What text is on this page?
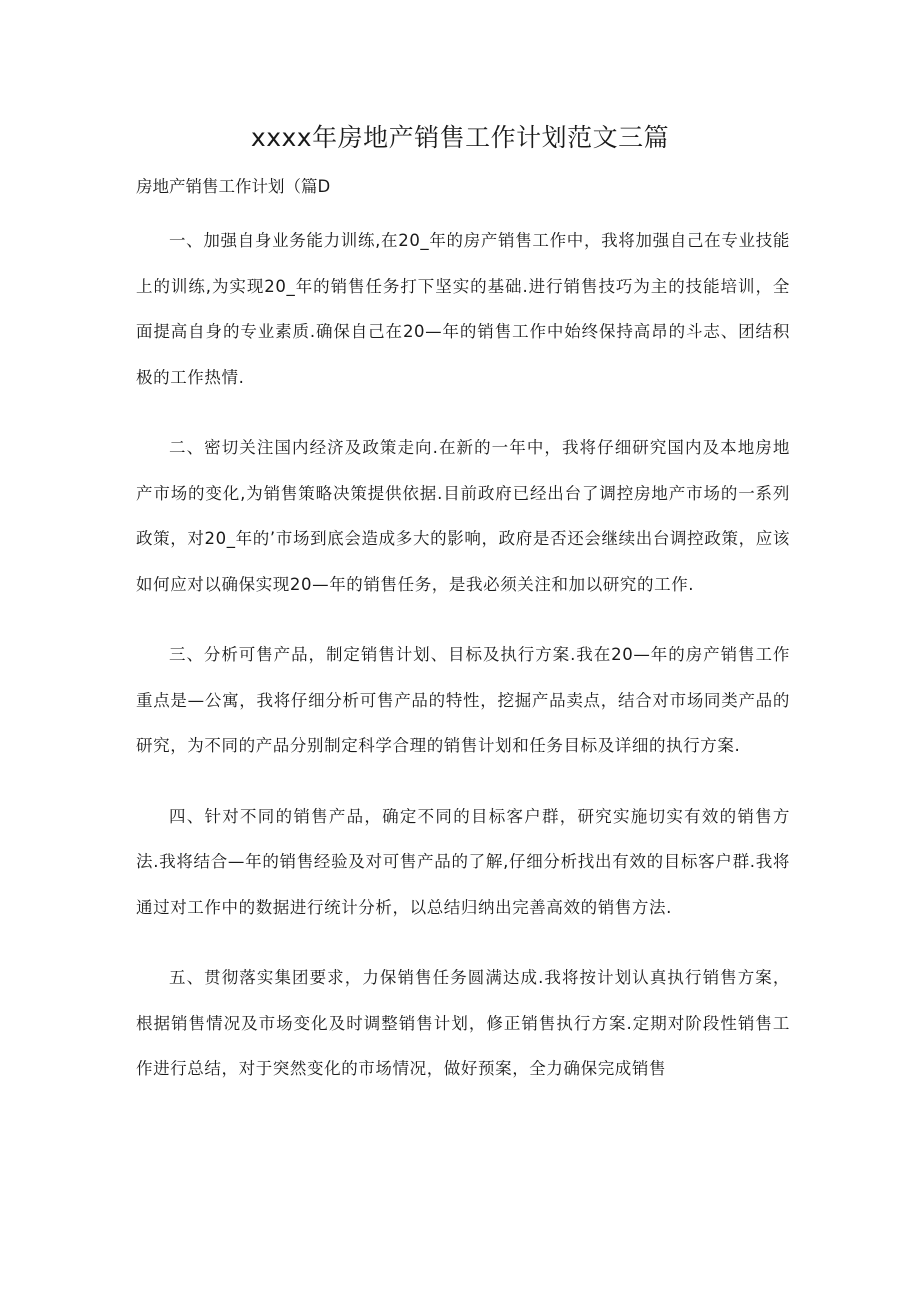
xxxx年房地产销售工作计划范文三篇

房地产销售工作计划（篇D

一、加强自身业务能力训练,在20_年的房产销售工作中，我将加强自己在专业技能上的训练,为实现20_年的销售任务打下坚实的基础.进行销售技巧为主的技能培训，全面提高自身的专业素质.确保自己在20—年的销售工作中始终保持高昂的斗志、团结积极的工作热情.

二、密切关注国内经济及政策走向.在新的一年中，我将仔细研究国内及本地房地产市场的变化,为销售策略决策提供依据.目前政府已经出台了调控房地产市场的一系列政策，对20_年的’市场到底会造成多大的影响，政府是否还会继续出台调控政策，应该如何应对以确保实现20—年的销售任务，是我必须关注和加以研究的工作.

三、分析可售产品，制定销售计划、目标及执行方案.我在20—年的房产销售工作重点是—公寓，我将仔细分析可售产品的特性，挖掘产品卖点，结合对市场同类产品的研究，为不同的产品分别制定科学合理的销售计划和任务目标及详细的执行方案.

四、针对不同的销售产品，确定不同的目标客户群，研究实施切实有效的销售方法.我将结合—年的销售经验及对可售产品的了解,仔细分析找出有效的目标客户群.我将通过对工作中的数据进行统计分析，以总结归纳出完善高效的销售方法.

五、贯彻落实集团要求，力保销售任务圆满达成.我将按计划认真执行销售方案，根据销售情况及市场变化及时调整销售计划，修正销售执行方案.定期对阶段性销售工作进行总结，对于突然变化的市场情况，做好预案，全力确保完成销售
